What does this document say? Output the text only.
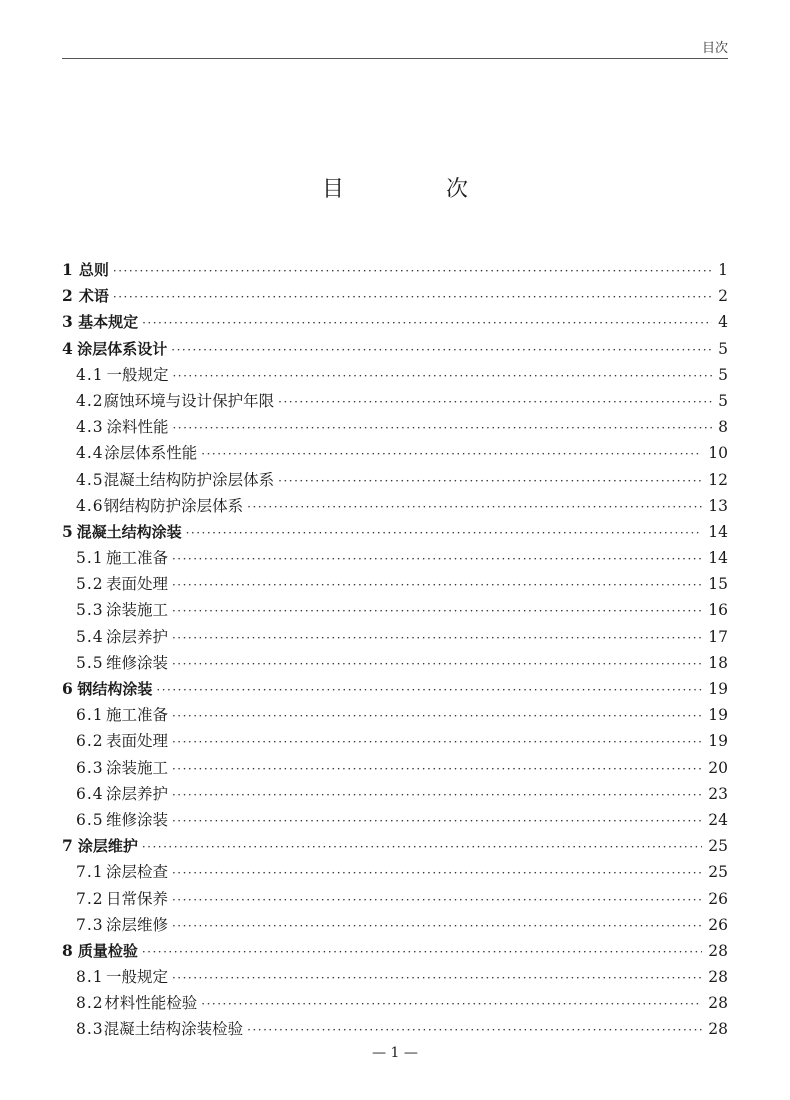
目次
目　次
1 总则 ·····	1
2 术语 ·····	2
3 基本规定 ·····	4
4 涂层体系设计 ·····	5
4.1 一般规定 ·····	5
4.2 腐蚀环境与设计保护年限 ·····	5
4.3 涂料性能 ·····	8
4.4 涂层体系性能 ·····	10
4.5 混凝土结构防护涂层体系 ·····	12
4.6 钢结构防护涂层体系 ·····	13
5 混凝土结构涂装 ·····	14
5.1 施工准备 ·····	14
5.2 表面处理 ·····	15
5.3 涂装施工 ·····	16
5.4 涂层养护 ·····	17
5.5 维修涂装 ·····	18
6 钢结构涂装 ·····	19
6.1 施工准备 ·····	19
6.2 表面处理 ·····	19
6.3 涂装施工 ·····	20
6.4 涂层养护 ·····	23
6.5 维修涂装 ·····	24
7 涂层维护 ·····	25
7.1 涂层检查 ·····	25
7.2 日常保养 ·····	26
7.3 涂层维修 ·····	26
8 质量检验 ·····	28
8.1 一般规定 ·····	28
8.2 材料性能检验 ·····	28
8.3 混凝土结构涂装检验 ·····	28
— 1 —
